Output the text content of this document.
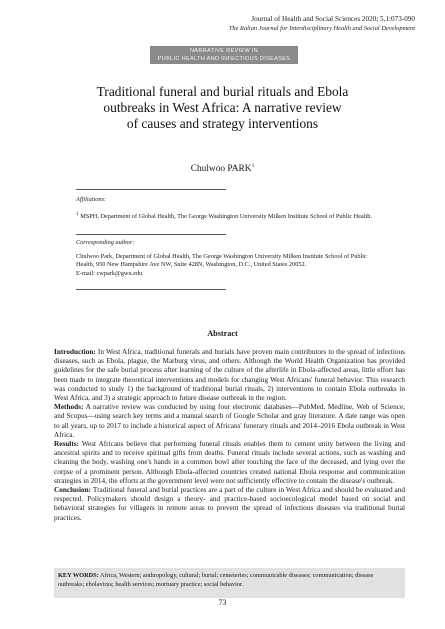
Journal of Health and Social Sciences 2020; 5,1:073-090
The Italian Journal for Interdisciplinary Health and Social Development
NARRATIVE REVIEW IN
PUBLIC HEALTH AND INFECTIOUS DISEASES
Traditional funeral and burial rituals and Ebola
outbreaks in West Africa: A narrative review
of causes and strategy interventions
Chulwoo PARK$^1$
Affiliations:
$^1$ MSPH, Department of Global Health, The George Washington University Milken Institute School of Public Health.
Corresponding author:
Chulwoo Park, Department of Global Health, The George Washington University Milken Institute School of Public Health, 950 New Hampshire Ave NW, Suite 428N, Washington, D.C., United States 20052.
E-mail: cwpark@gwu.edu
Abstract

Introduction: In West Africa, traditional funerals and burials have proven main contributors to the spread of infectious diseases, such as Ebola, plague, the Marburg virus, and others. Although the World Health Organization has provided guidelines for the safe burial process after learning of the culture of the afterlife in Ebola-affected areas, little effort has been made to integrate theoretical interventions and models for changing West Africans' funeral behavior. This research was conducted to study 1) the background of traditional burial rituals, 2) interventions to contain Ebola outbreaks in West Africa, and 3) a strategic approach to future disease outbreak in the region.

Methods: A narrative review was conducted by using four electronic databases—PubMed, Medline, Web of Science, and Scopus—using search key terms and a manual search of Google Scholar and gray literature. A date range was open to all years, up to 2017 to include a historical aspect of Africans' funerary rituals and 2014–2016 Ebola outbreak in West Africa.

Results: West Africans believe that performing funeral rituals enables them to cement unity between the living and ancestral spirits and to receive spiritual gifts from deaths. Funeral rituals include several actions, such as washing and cleaning the body, washing one's hands in a common bowl after touching the face of the deceased, and lying over the corpse of a prominent person. Although Ebola-affected countries created national Ebola response and communication strategies in 2014, the efforts at the government level were not sufficiently effective to contain the disease's outbreak.

Conclusion: Traditional funeral and burial practices are a part of the culture in West Africa and should be evaluated and respected. Policymakers should design a theory- and practice-based socioecological model based on social and behavioral strategies for villagers in remote areas to prevent the spread of infectious diseases via traditional burial practices.

KEY WORDS: Africa, Western; anthropology, cultural; burial; cemeteries; communicable diseases; communication; disease outbreaks; ebolavirus; health services; mortuary practice; social behavior.
73
